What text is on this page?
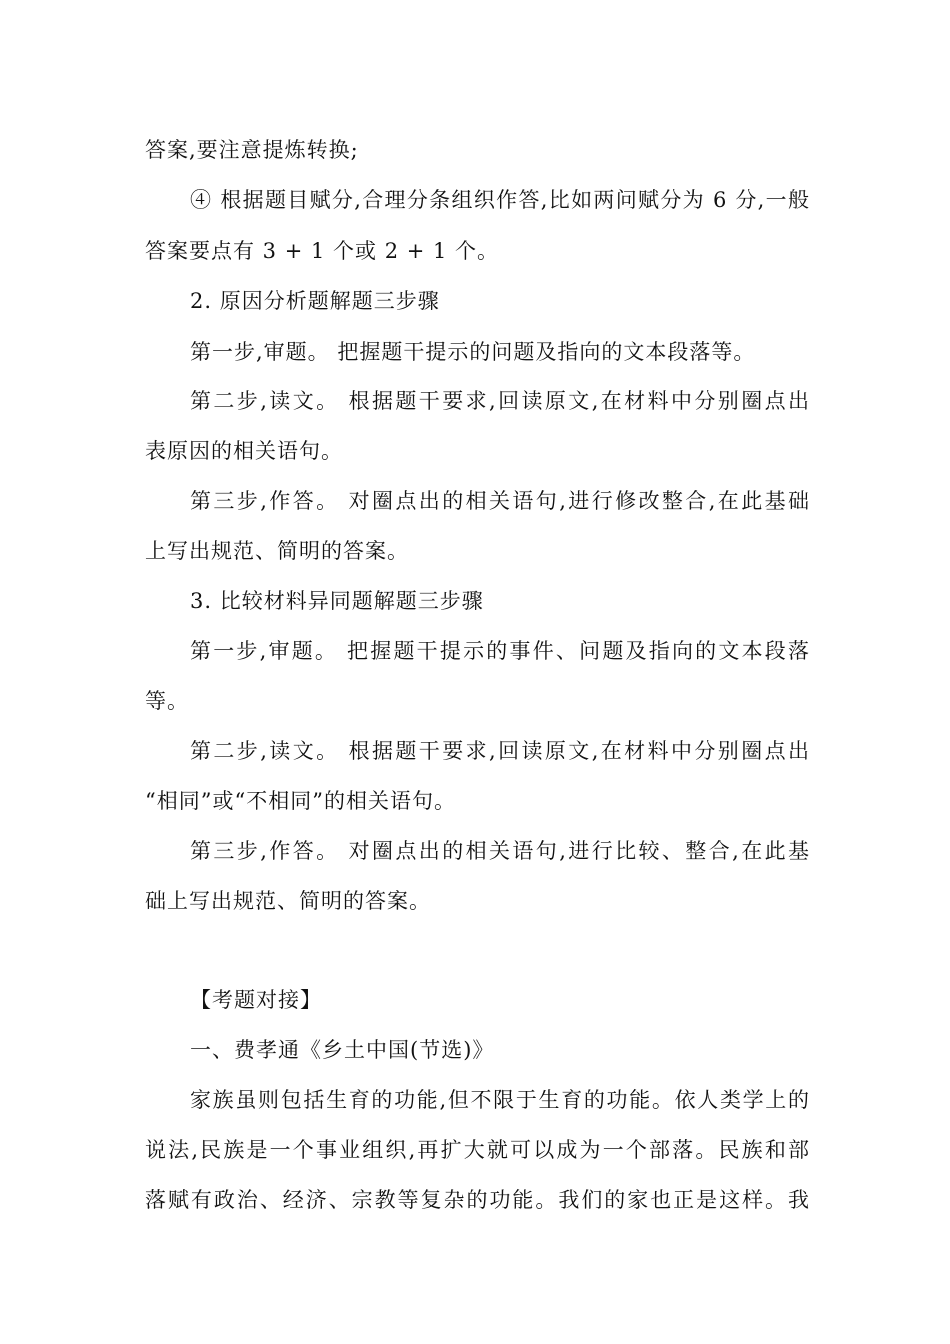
答案,要注意提炼转换;
④ 根据题目赋分,合理分条组织作答,比如两问赋分为 6 分,一般
答案要点有 3 + 1 个或 2 + 1 个。
2. 原因分析题解题三步骤
第一步,审题。 把握题干提示的问题及指向的文本段落等。
第二步,读文。 根据题干要求,回读原文,在材料中分别圈点出
表原因的相关语句。
第三步,作答。 对圈点出的相关语句,进行修改整合,在此基础
上写出规范、简明的答案。
3. 比较材料异同题解题三步骤
第一步,审题。 把握题干提示的事件、问题及指向的文本段落
等。
第二步,读文。 根据题干要求,回读原文,在材料中分别圈点出
“相同”或“不相同”的相关语句。
第三步,作答。 对圈点出的相关语句,进行比较、整合,在此基
础上写出规范、简明的答案。
【考题对接】
一、费孝通《乡土中国(节选)》
家族虽则包括生育的功能,但不限于生育的功能。依人类学上的
说法,民族是一个事业组织,再扩大就可以成为一个部落。民族和部
落赋有政治、经济、宗教等复杂的功能。我们的家也正是这样。我
